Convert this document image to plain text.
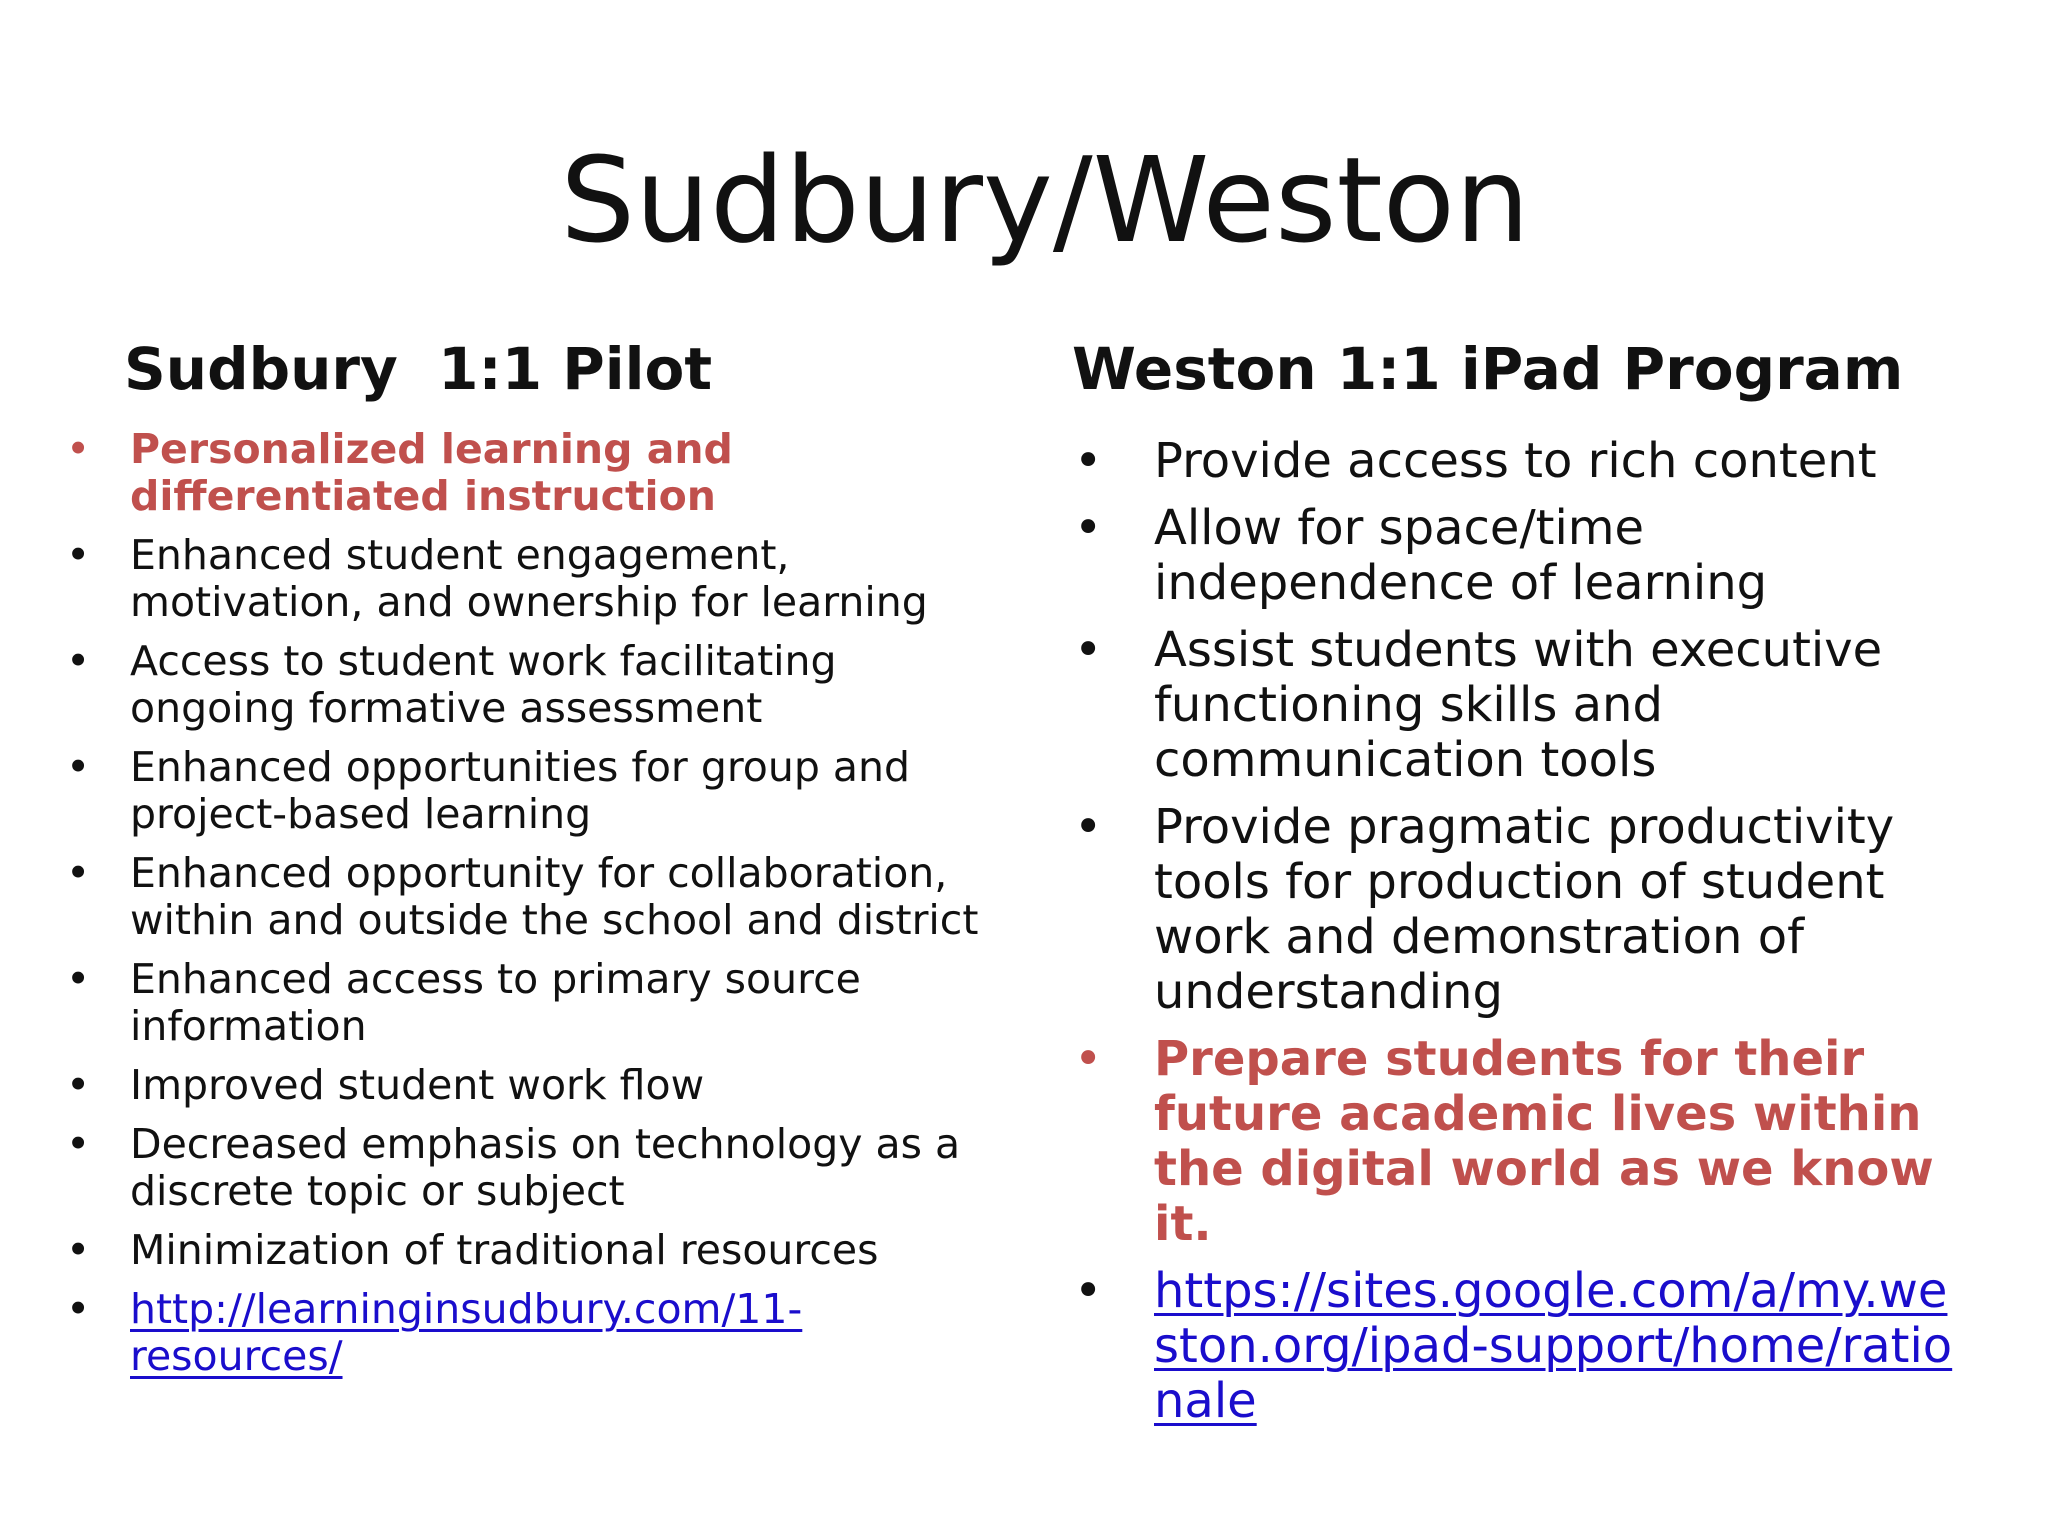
Sudbury/Weston
Sudbury  1:1 Pilot	Weston 1:1 iPad Program
• Personalized learning and differentiated instruction
• Enhanced student engagement, motivation, and ownership for learning
• Access to student work facilitating ongoing formative assessment
• Enhanced opportunities for group and project-based learning
• Enhanced opportunity for collaboration, within and outside the school and district
• Enhanced access to primary source information
• Improved student work flow
• Decreased emphasis on technology as a discrete topic or subject
• Minimization of traditional resources
• http://learninginsudbury.com/11-resources/
• Provide access to rich content
• Allow for space/time independence of learning
• Assist students with executive functioning skills and communication tools
• Provide pragmatic productivity tools for production of student work and demonstration of understanding
• Prepare students for their future academic lives within the digital world as we know it.
• https://sites.google.com/a/my.weston.org/ipad-support/home/rationale
